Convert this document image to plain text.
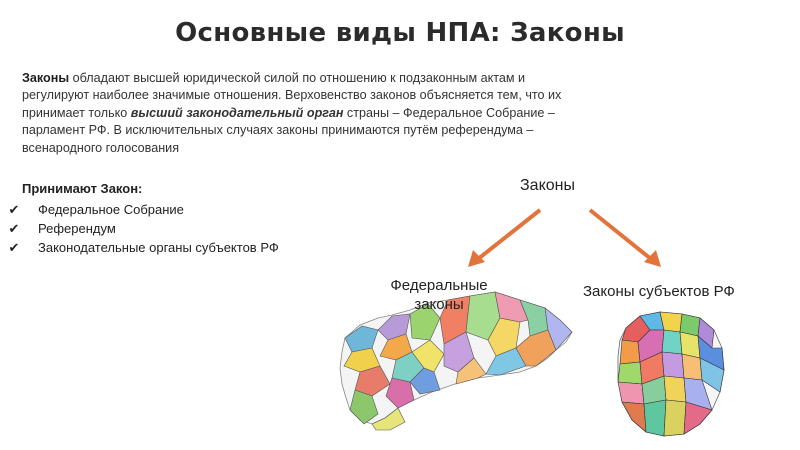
Основные виды НПА: Законы
Законы обладают высшей юридической силой по отношению к подзаконным актам и регулируют наиболее значимые отношения. Верховенство законов объясняется тем, что их принимает только высший законодательный орган страны – Федеральное Собрание – парламент РФ. В исключительных случаях законы принимаются путём референдума – всенародного голосования
Принимают Закон:
✔ Федеральное Собрание
✔ Референдум
✔ Законодательные органы субъектов РФ
Законы
Федеральные законы
Законы субъектов РФ
